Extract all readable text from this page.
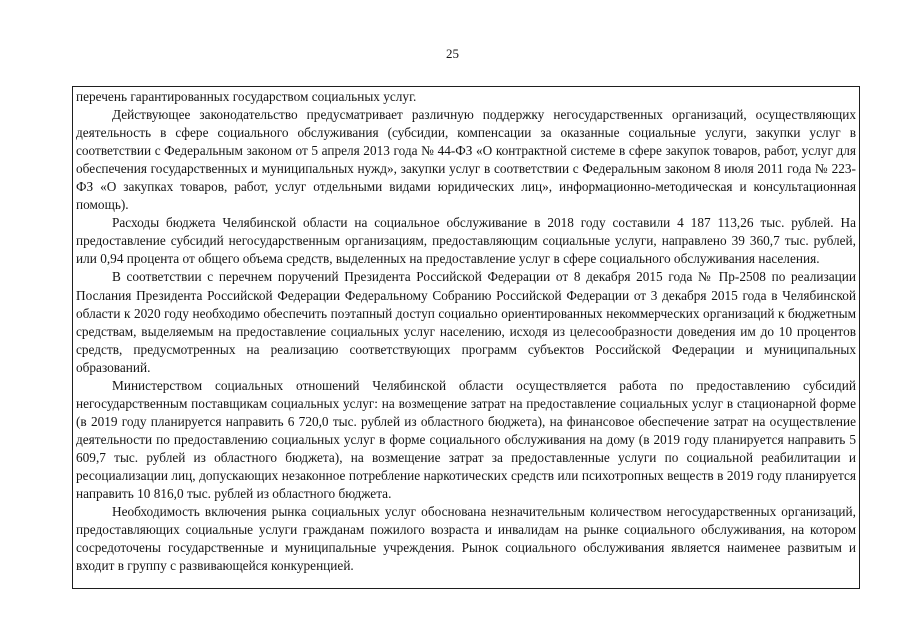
25

перечень гарантированных государством социальных услуг.

Действующее законодательство предусматривает различную поддержку негосударственных организаций, осуществляющих деятельность в сфере социального обслуживания (субсидии, компенсации за оказанные социальные услуги, закупки услуг в соответствии с Федеральным законом от 5 апреля 2013 года № 44-ФЗ «О контрактной системе в сфере закупок товаров, работ, услуг для обеспечения государственных и муниципальных нужд», закупки услуг в соответствии с Федеральным законом 8 июля 2011 года № 223-ФЗ «О закупках товаров, работ, услуг отдельными видами юридических лиц», информационно-методическая и консультационная помощь).

Расходы бюджета Челябинской области на социальное обслуживание в 2018 году составили 4 187 113,26 тыс. рублей. На предоставление субсидий негосударственным организациям, предоставляющим социальные услуги, направлено 39 360,7 тыс. рублей, или 0,94 процента от общего объема средств, выделенных на предоставление услуг в сфере социального обслуживания населения.

В соответствии с перечнем поручений Президента Российской Федерации от 8 декабря 2015 года № Пр-2508 по реализации Послания Президента Российской Федерации Федеральному Собранию Российской Федерации от 3 декабря 2015 года в Челябинской области к 2020 году необходимо обеспечить поэтапный доступ социально ориентированных некоммерческих организаций к бюджетным средствам, выделяемым на предоставление социальных услуг населению, исходя из целесообразности доведения им до 10 процентов средств, предусмотренных на реализацию соответствующих программ субъектов Российской Федерации и муниципальных образований.

Министерством социальных отношений Челябинской области осуществляется работа по предоставлению субсидий негосударственным поставщикам социальных услуг: на возмещение затрат на предоставление социальных услуг в стационарной форме (в 2019 году планируется направить 6 720,0 тыс. рублей из областного бюджета), на финансовое обеспечение затрат на осуществление деятельности по предоставлению социальных услуг в форме социального обслуживания на дому (в 2019 году планируется направить 5 609,7 тыс. рублей из областного бюджета), на возмещение затрат за предоставленные услуги по социальной реабилитации и ресоциализации лиц, допускающих незаконное потребление наркотических средств или психотропных веществ в 2019 году планируется направить 10 816,0 тыс. рублей из областного бюджета.

Необходимость включения рынка социальных услуг обоснована незначительным количеством негосударственных организаций, предоставляющих социальные услуги гражданам пожилого возраста и инвалидам на рынке социального обслуживания, на котором сосредоточены государственные и муниципальные учреждения. Рынок социального обслуживания является наименее развитым и входит в группу с развивающейся конкуренцией.
